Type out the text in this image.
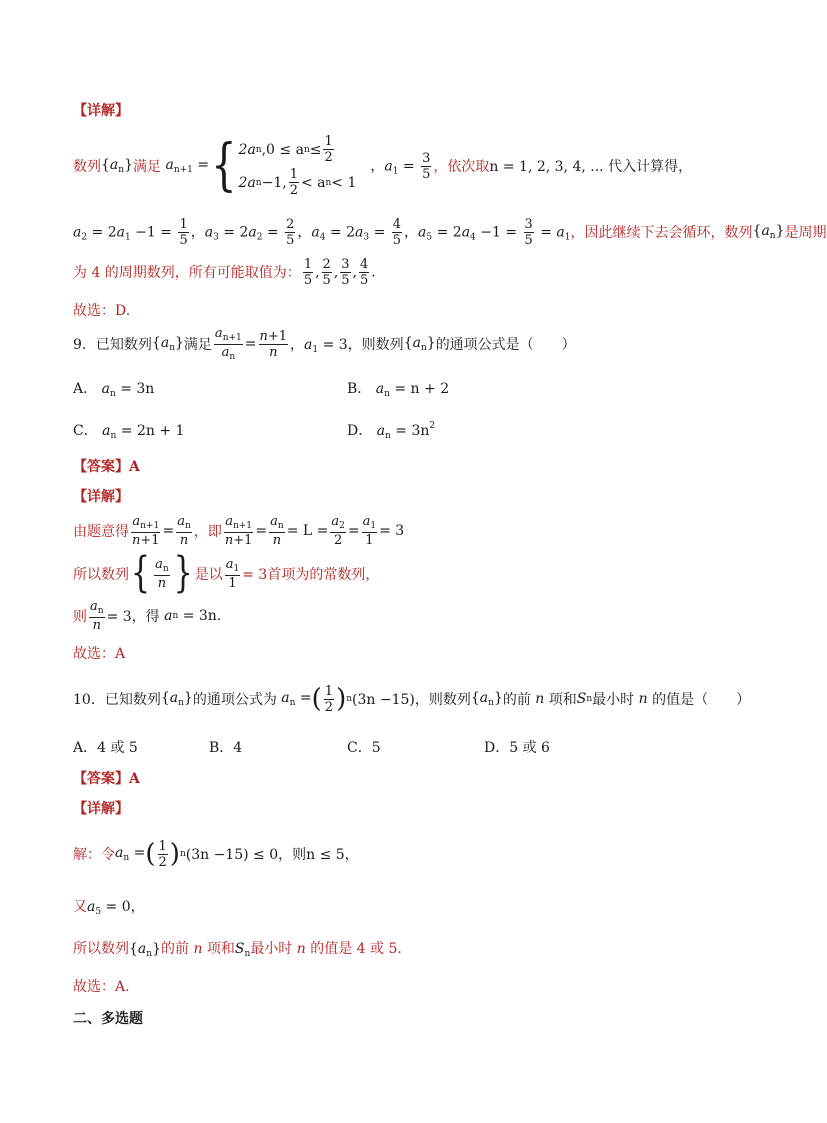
【详解】
数列 $\{a_n\}$ 满足 $a_{n+1}$ = { 2a n ,0 ≤ a $n \le \frac{1}{2}$
2a n −1, $\frac{1}{2} < a$ n < 1
，$a_1 = \frac{3}{5}$ ，依次取 n = 1, 2, 3, 4, ... 代入计算得，
$a_2 = 2a_1 -1 = \frac{1}{5}$ ，$a_3 = 2a_2 = \frac{2}{5}$ ，$a_4 = 2a_3 = \frac{4}{5}$ ，$a_5 = 2a_4 -1 = \frac{3}{5} = a_1$ ，因此继续下去会循环，数列 $\{a_n\}$ 是周期
为 4 的周期数列，所有可能取值为： $\frac{1}{5}$ , $\frac{2}{5}$ , $\frac{3}{5}$ , $\frac{4}{5}$ .
故选：D.
9．已知数列 $\{a_n\}$ 满足 $\frac{a_{n+1}}{a_n} = \frac{n+1}{n}$ ，$a_1 = 3$ ，则数列 $\{a_n\}$ 的通项公式是（　　）
A． $a_n = 3n$	B． $a_n = n + 2$
C． $a_n = 2n + 1$	D． $a_n = 3n^2$
【答案】A
【详解】
由题意得 $\frac{a_{n+1}}{n+1} = \frac{a_n}{n}$ ，即 $\frac{a_{n+1}}{n+1} = \frac{a_n}{n} = L = \frac{a_2}{2} = \frac{a_1}{1} = 3$
所以数列 { $\frac{a_n}{n}$ } 是以 $\frac{a_1}{1} = 3$首项为的常数列，
则 $\frac{a_n}{n} = 3$，得
a n
= 3n.
故选：A
10．已知数列 $\{a_n\}$ 的通项公式为 $a_n$ = ( $\frac{1}{2}$ ) n (3n −15)，则数列 $\{a_n\}$ 的前 n 项和 S n 最小时 n 的值是（　　）
A．4 或 5	B．4	C．5	D．5 或 6
【答案】A
【详解】
解：令 $a_n$ = ( $\frac{1}{2}$ ) n (3n −15) ≤ 0，则 n ≤ 5，
又$a_5 = 0$，
所以数列$\{a_n\}$的前 n 项和$S_n$最小时 n 的值是 4 或 5.
故选：A.
二、多选题
